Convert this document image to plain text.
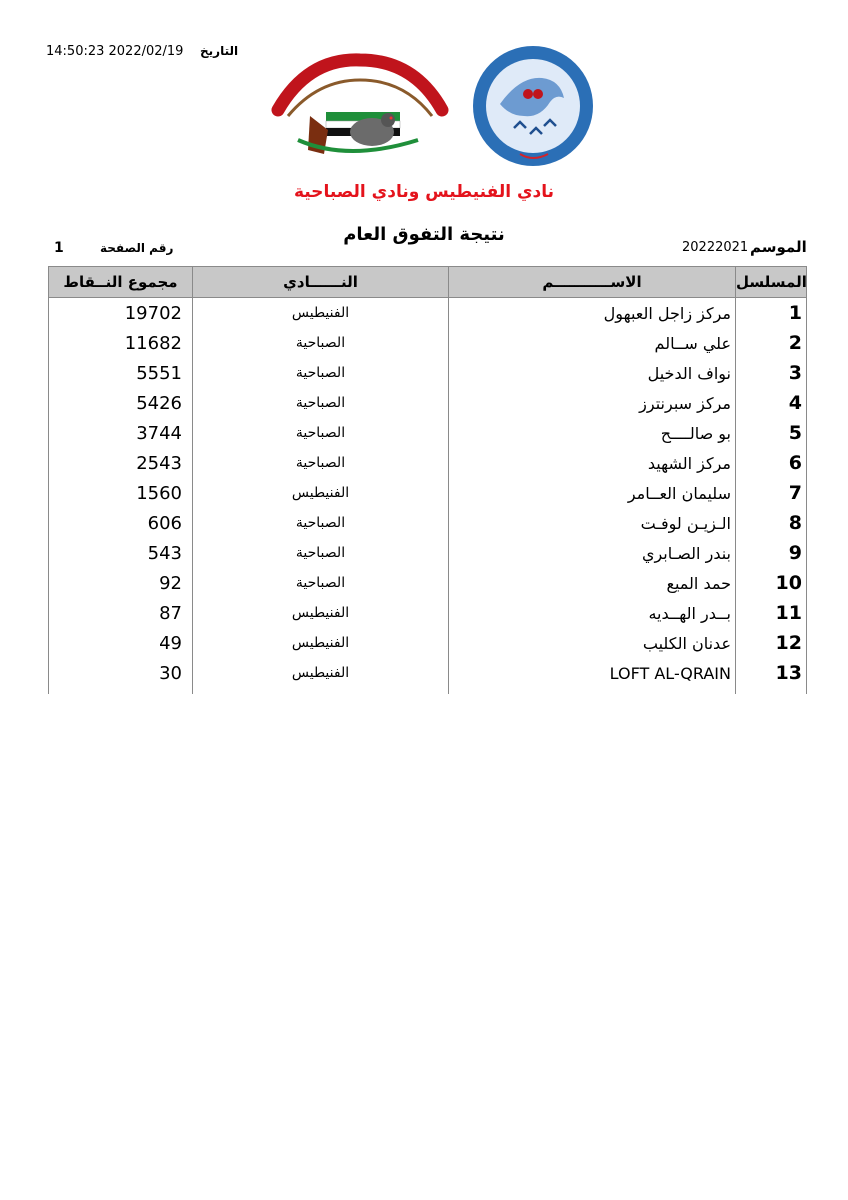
14:50:23 2022/02/19 التاريخ
نادي الفنيطيس ونادي الصباحية
نتيجة التفوق العام
1	رقم الصفحة	20222021 الموسم
مجموع النــقاط	النــــــادي	الاســـــــــــم	المسلسل
19702	الفنيطيس	مركز زاجل العبهول	1
11682	الصباحية	علي ســالم	2
5551	الصباحية	نواف الدخيل	3
5426	الصباحية	مركز سبرنترز	4
3744	الصباحية	بو صالــــح	5
2543	الصباحية	مركز الشهيد	6
1560	الفنيطيس	سليمان العــامر	7
606	الصباحية	الـزيـن لوفـت	8
543	الصباحية	بندر الصـابري	9
92	الصباحية	حمد الميع	10
87	الفنيطيس	بــدر الهــديه	11
49	الفنيطيس	عدنان الكليب	12
30	الفنيطيس	LOFT AL-QRAIN	13
